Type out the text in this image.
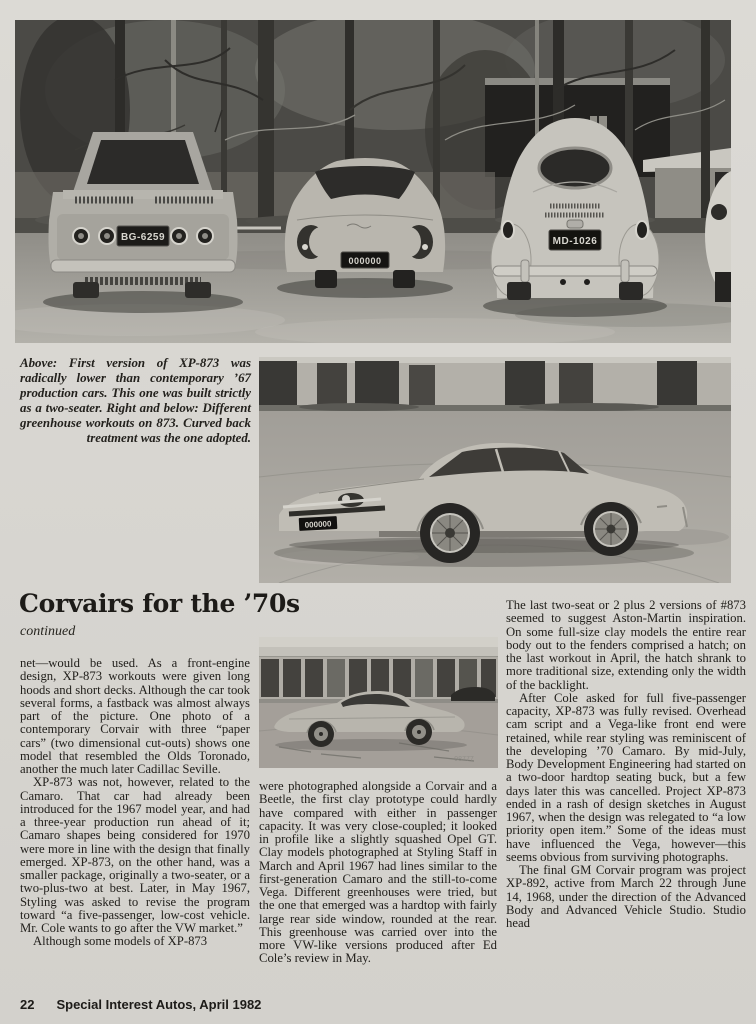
BG-6259
000000
MD-1026
000000

Above: First version of XP-873 was radically lower than contemporary ’67 production cars. This one was built strictly as a two-seater. Right and below: Different greenhouse workouts on 873. Curved back treatment was the one adopted.

Corvairs for the ’70s

continued

98777

net—would be used. As a front-engine design, XP-873 workouts were given long hoods and short decks. Although the car took several forms, a fastback was almost always part of the picture. One photo of a contemporary Corvair with three “paper cars” (two dimensional cut-outs) shows one model that resembled the Olds Toronado, another the much later Cadillac Seville.

XP-873 was not, however, related to the Camaro. That car had already been introduced for the 1967 model year, and had a three-year production run ahead of it; Camaro shapes being considered for 1970 were more in line with the design that finally emerged. XP-873, on the other hand, was a smaller package, originally a two-seater, or a two-plus-two at best. Later, in May 1967, Styling was asked to revise the program toward “a five-passenger, low-cost vehicle. Mr. Cole wants to go after the VW market.”

Although some models of XP-873

were photographed alongside a Corvair and a Beetle, the first clay prototype could hardly have compared with either in passenger capacity. It was very close-coupled; it looked in profile like a slightly squashed Opel GT. Clay models photographed at Styling Staff in March and April 1967 had lines similar to the first-generation Camaro and the still-to-come Vega. Different greenhouses were tried, but the one that emerged was a hardtop with fairly large rear side window, rounded at the rear. This greenhouse was carried over into the more VW-like versions produced after Ed Cole’s review in May.

The last two-seat or 2 plus 2 versions of #873 seemed to suggest Aston-Martin inspiration. On some full-size clay models the entire rear body out to the fenders comprised a hatch; on the last workout in April, the hatch shrank to more traditional size, extending only the width of the backlight.

After Cole asked for full five-passenger capacity, XP-873 was fully revised. Overhead cam script and a Vega-like front end were retained, while rear styling was reminiscent of the developing ’70 Camaro. By mid-July, Body Development Engineering had started on a two-door hardtop seating buck, but a few days later this was cancelled. Project XP-873 ended in a rash of design sketches in August 1967, when the design was relegated to “a low priority open item.” Some of the ideas must have influenced the Vega, however—this seems obvious from surviving photographs.

The final GM Corvair program was project XP-892, active from March 22 through June 14, 1968, under the direction of the Advanced Body and Advanced Vehicle Studio. Studio head

22 Special Interest Autos, April 1982
